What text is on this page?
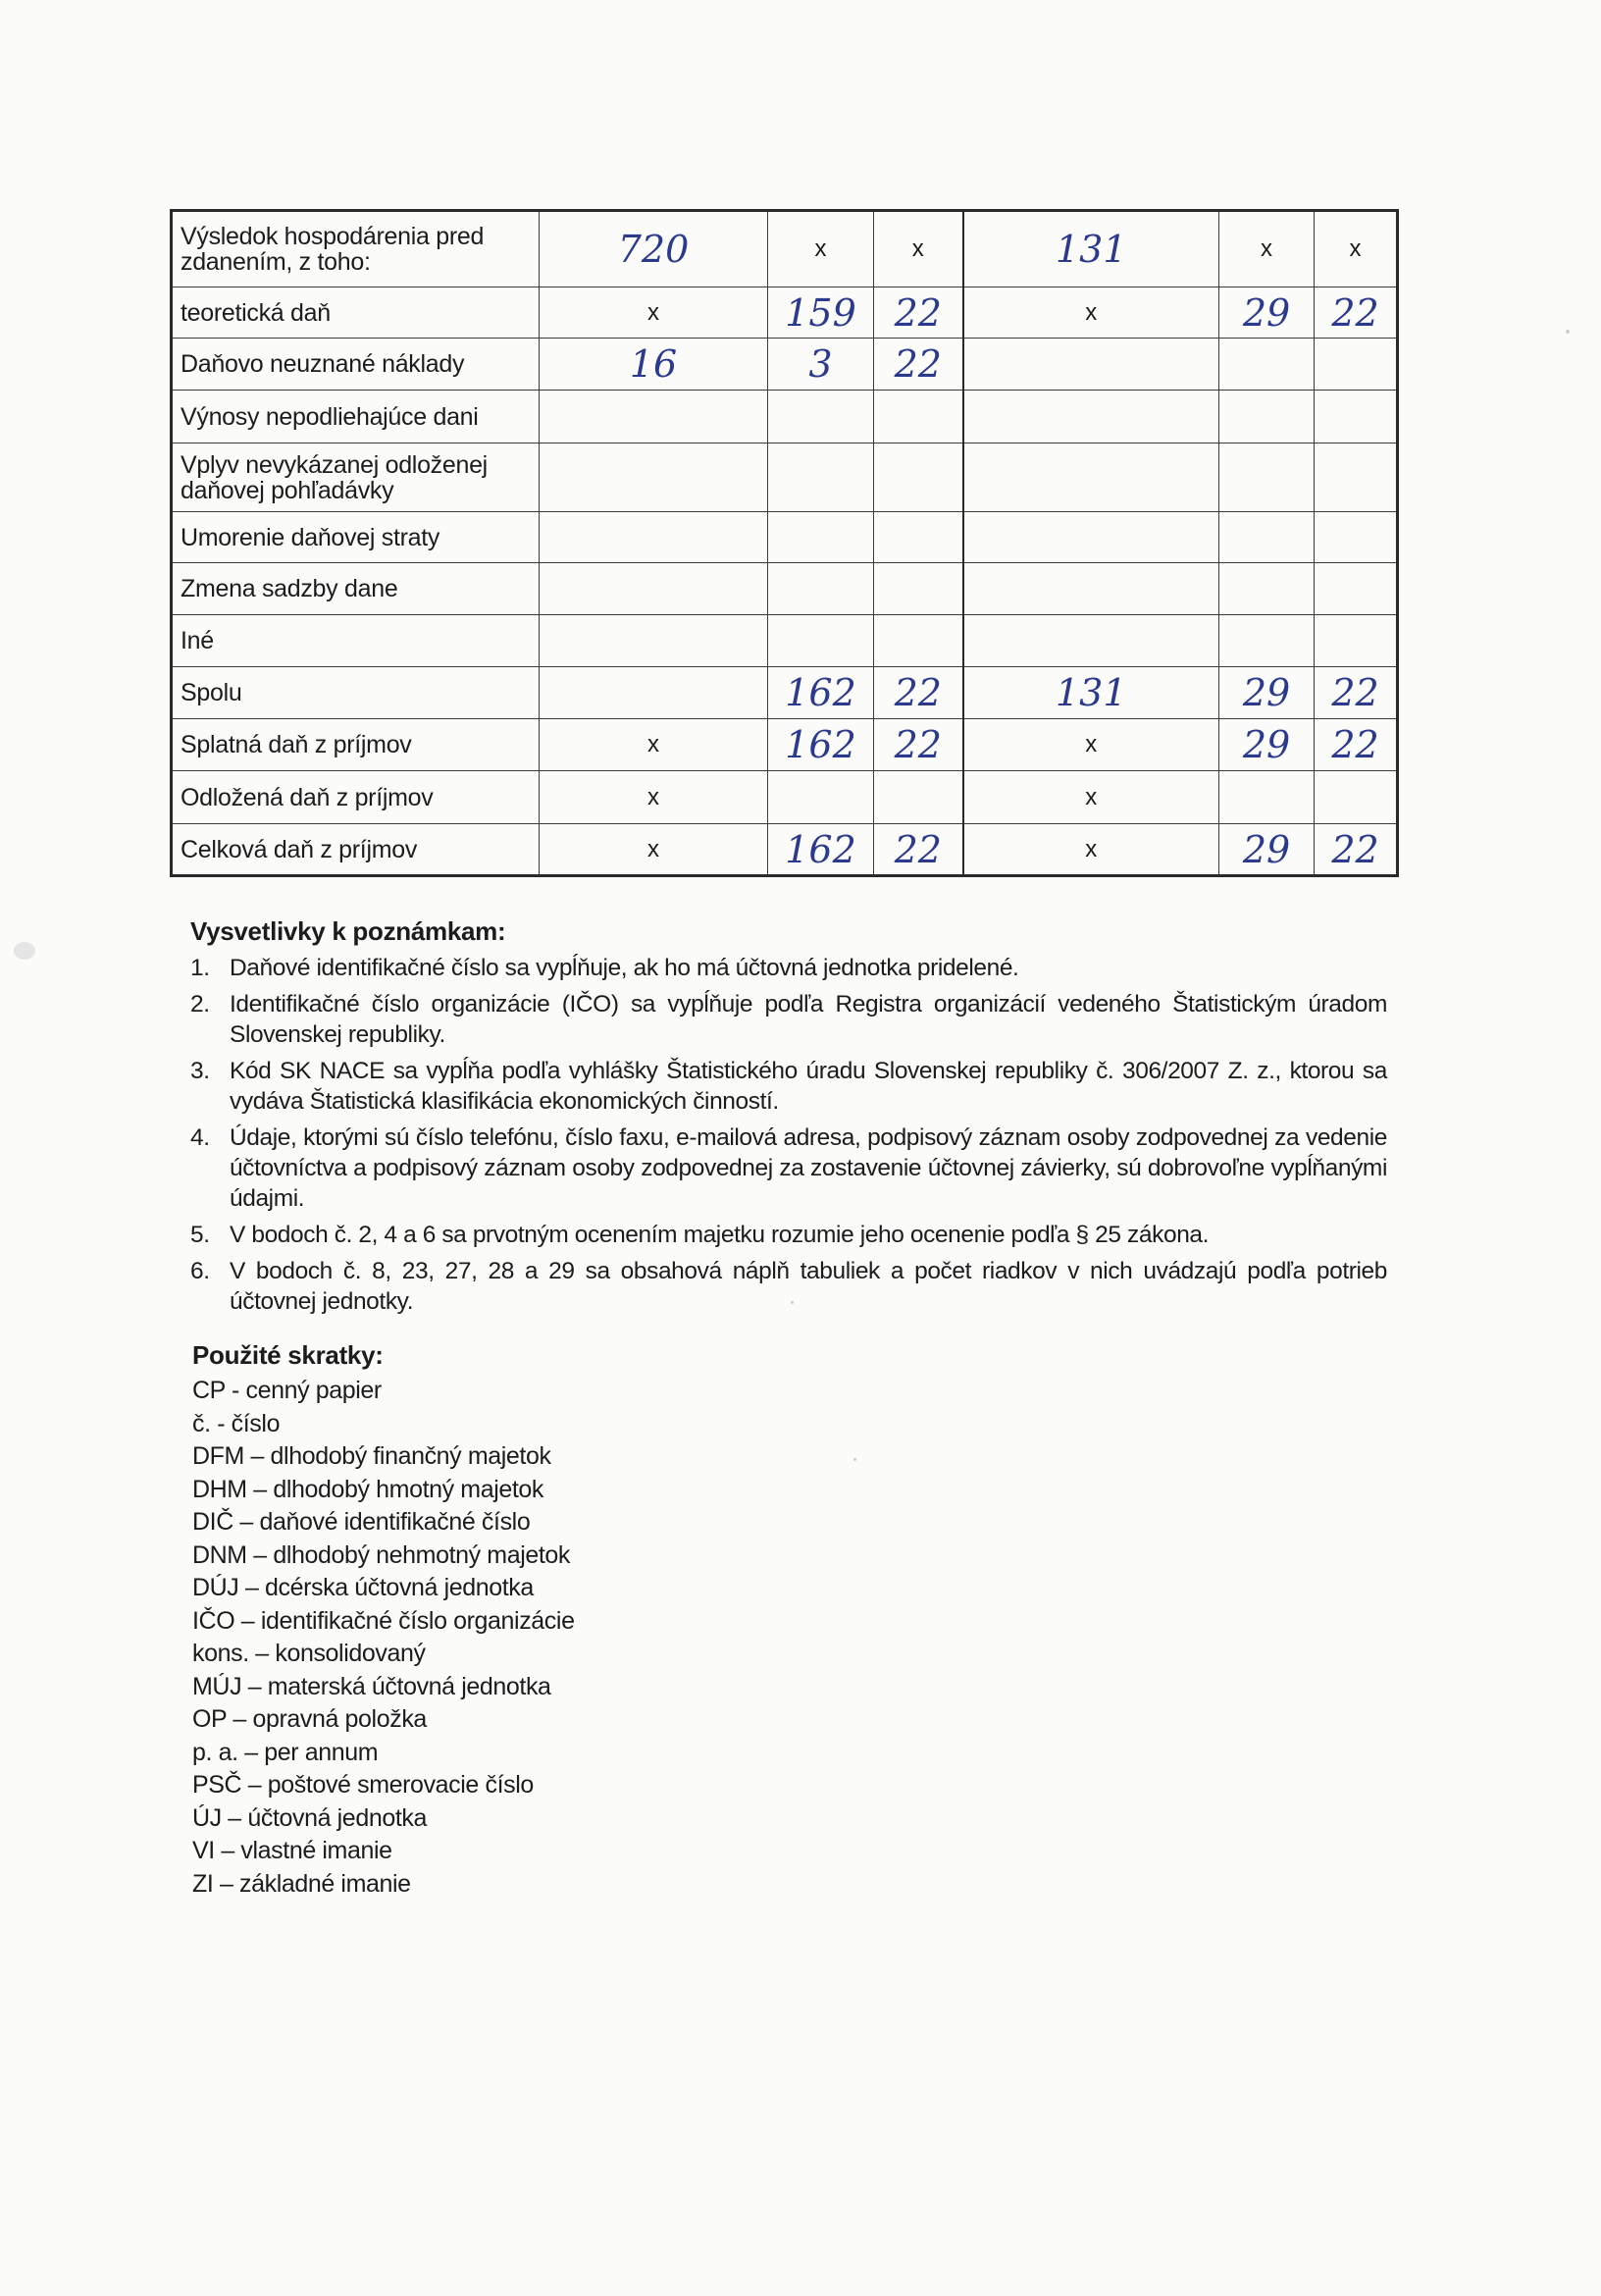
Výsledok hospodárenia pred zdanením, z toho:	720	x	x	131	x	x
teoretická daň	x	159	22	x	29	22
Daňovo neuznané náklady	16	3	22			
Výnosy nepodliehajúce dani						
Vplyv nevykázanej odloženej daňovej pohľadávky						
Umorenie daňovej straty						
Zmena sadzby dane						
Iné						
Spolu		162	22	131	29	22
Splatná daň z príjmov	x	162	22	x	29	22
Odložená daň z príjmov	x			x		
Celková daň z príjmov	x	162	22	x	29	22
Vysvetlivky k poznámkam:
1. Daňové identifikačné číslo sa vypĺňuje, ak ho má účtovná jednotka pridelené.
2. Identifikačné číslo organizácie (IČO) sa vypĺňuje podľa Registra organizácií vedeného Štatistickým úradom Slovenskej republiky.
3. Kód SK NACE sa vypĺňa podľa vyhlášky Štatistického úradu Slovenskej republiky č. 306/2007 Z. z., ktorou sa vydáva Štatistická klasifikácia ekonomických činností.
4. Údaje, ktorými sú číslo telefónu, číslo faxu, e-mailová adresa, podpisový záznam osoby zodpovednej za vedenie účtovníctva a podpisový záznam osoby zodpovednej za zostavenie účtovnej závierky, sú dobrovoľne vypĺňanými údajmi.
5. V bodoch č. 2, 4 a 6 sa prvotným ocenením majetku rozumie jeho ocenenie podľa § 25 zákona.
6. V bodoch č. 8, 23, 27, 28 a 29 sa obsahová náplň tabuliek a počet riadkov v nich uvádzajú podľa potrieb účtovnej jednotky.
Použité skratky:
CP - cenný papier
č. - číslo
DFM – dlhodobý finančný majetok
DHM – dlhodobý hmotný majetok
DIČ – daňové identifikačné číslo
DNM – dlhodobý nehmotný majetok
DÚJ – dcérska účtovná jednotka
IČO – identifikačné číslo organizácie
kons. – konsolidovaný
MÚJ – materská účtovná jednotka
OP – opravná položka
p. a. – per annum
PSČ – poštové smerovacie číslo
ÚJ – účtovná jednotka
VI – vlastné imanie
ZI – základné imanie
